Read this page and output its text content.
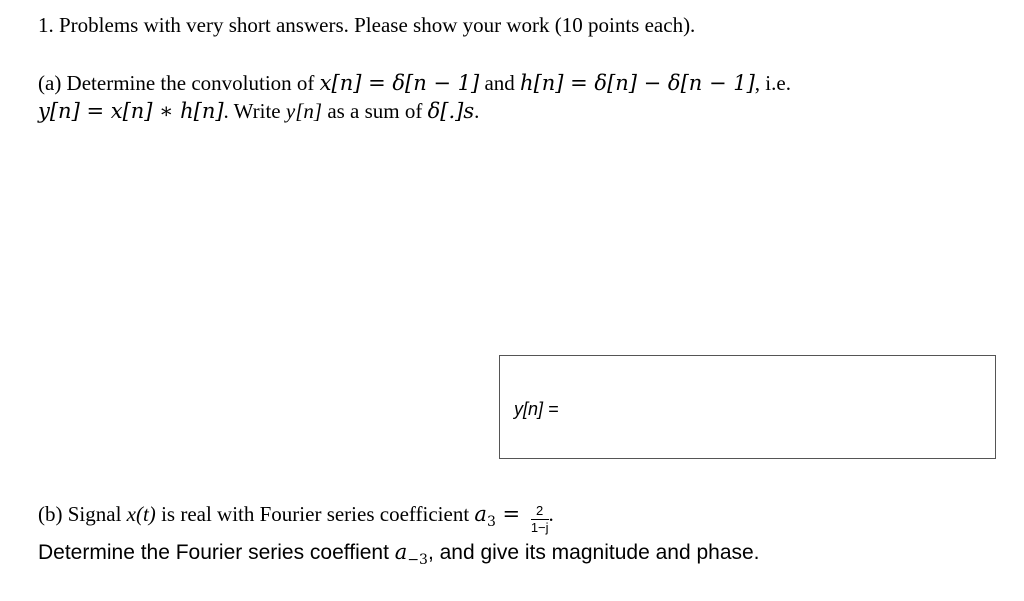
1. Problems with very short answers. Please show your work (10 points each).
(a) Determine the convolution of x[n] = δ[n − 1] and h[n] = δ[n] − δ[n − 1], i.e.
y[n] = x[n] ∗ h[n]. Write y[n] as a sum of δ[.]s.
y[n] =
(b) Signal x(t) is real with Fourier series coefficient $a_3 = \frac{2}{1-j}$ .
Determine the Fourier series coeffient $a_{-3}$, and give its magnitude and phase.
